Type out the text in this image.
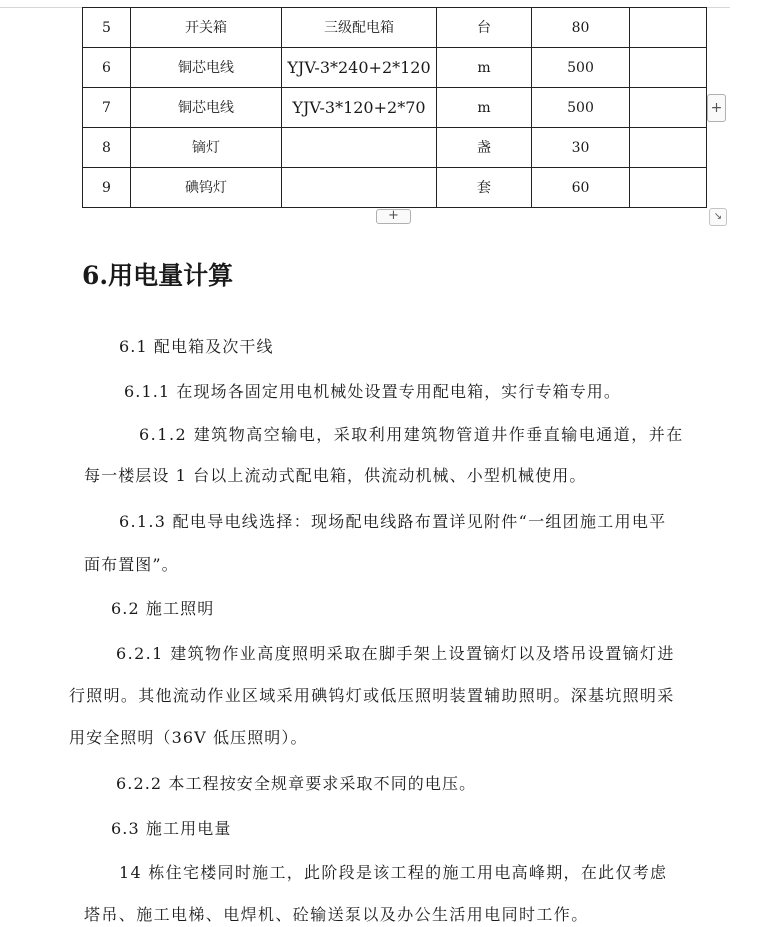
5	开关箱	三级配电箱	台	80	
6	铜芯电线	YJV-3*240+2*120	m	500	
7	铜芯电线	YJV-3*120+2*70	m	500	
8	镝灯		盏	30	
9	碘钨灯		套	60	
+
+	↘
6.用电量计算

6.1 配电箱及次干线

6.1.1 在现场各固定用电机械处设置专用配电箱，实行专箱专用。

6.1.2 建筑物高空输电，采取利用建筑物管道井作垂直输电通道，并在

每一楼层设 1 台以上流动式配电箱，供流动机械、小型机械使用。

6.1.3 配电导电线选择：现场配电线路布置详见附件“一组团施工用电平

面布置图”。

6.2 施工照明

6.2.1 建筑物作业高度照明采取在脚手架上设置镝灯以及塔吊设置镝灯进

行照明。其他流动作业区域采用碘钨灯或低压照明装置辅助照明。深基坑照明采

用安全照明（36V 低压照明）。

6.2.2 本工程按安全规章要求采取不同的电压。

6.3 施工用电量

14 栋住宅楼同时施工，此阶段是该工程的施工用电高峰期，在此仅考虑

塔吊、施工电梯、电焊机、砼输送泵以及办公生活用电同时工作。
